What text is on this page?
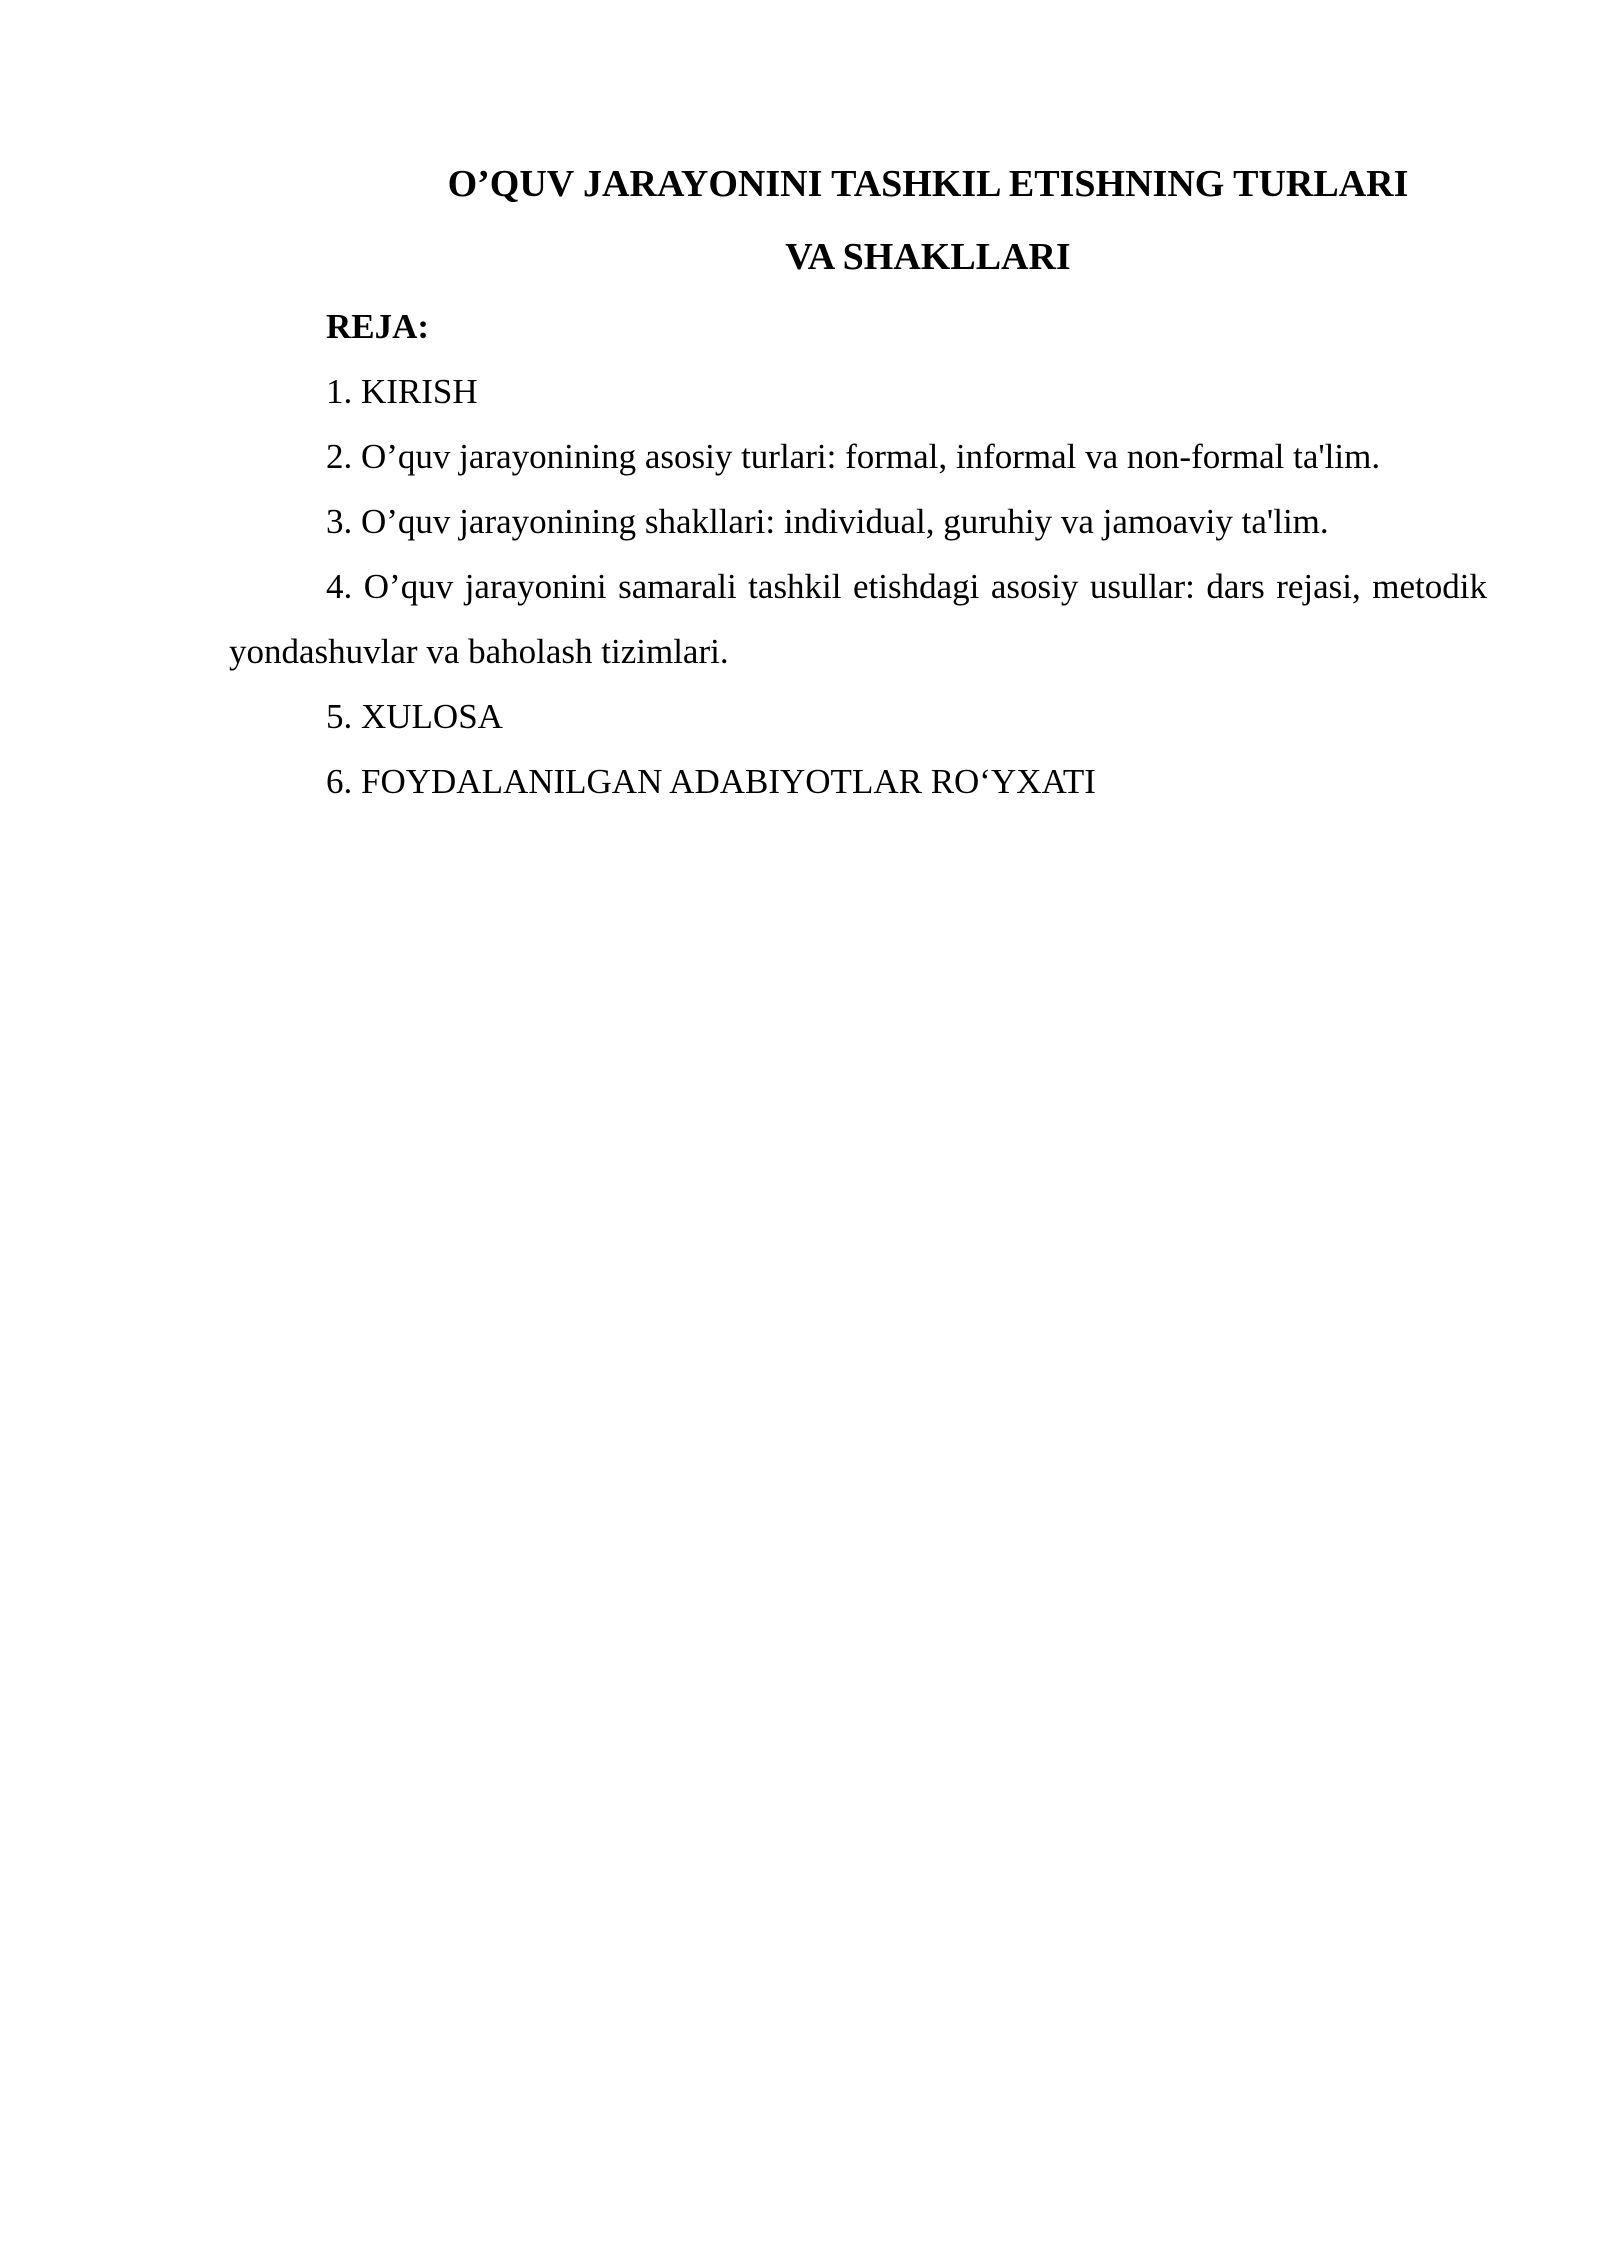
O’QUV JARAYONINI TASHKIL ETISHNING TURLARI
VA SHAKLLARI

REJA:

1. KIRISH

2. O’quv jarayonining asosiy turlari: formal, informal va non-formal ta'lim.

3. O’quv jarayonining shakllari: individual, guruhiy va jamoaviy ta'lim.

4. O’quv jarayonini samarali tashkil etishdagi asosiy usullar: dars rejasi, metodik yondashuvlar va baholash tizimlari.

5. XULOSA

6. FOYDALANILGAN ADABIYOTLAR RO‘YXATI
